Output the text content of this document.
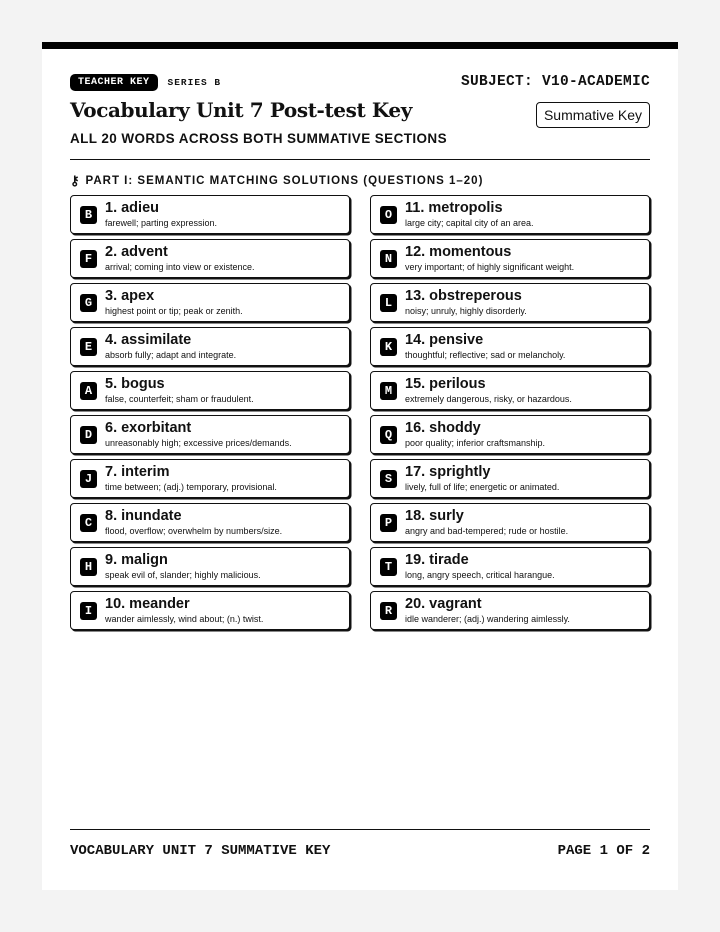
TEACHER KEY	SERIES B	SUBJECT: V10-ACADEMIC
Vocabulary Unit 7 Post-test Key	Summative Key
ALL 20 WORDS ACROSS BOTH SUMMATIVE SECTIONS
⚷ PART I: SEMANTIC MATCHING SOLUTIONS (QUESTIONS 1–20)
B 1. adieu
farewell; parting expression.
F 2. advent
arrival; coming into view or existence.
G 3. apex
highest point or tip; peak or zenith.
E 4. assimilate
absorb fully; adapt and integrate.
A 5. bogus
false, counterfeit; sham or fraudulent.
D 6. exorbitant
unreasonably high; excessive prices/demands.
J 7. interim
time between; (adj.) temporary, provisional.
C 8. inundate
flood, overflow; overwhelm by numbers/size.
H 9. malign
speak evil of, slander; highly malicious.
I 10. meander
wander aimlessly, wind about; (n.) twist.
O 11. metropolis
large city; capital city of an area.
N 12. momentous
very important; of highly significant weight.
L 13. obstreperous
noisy; unruly, highly disorderly.
K 14. pensive
thoughtful; reflective; sad or melancholy.
M 15. perilous
extremely dangerous, risky, or hazardous.
Q 16. shoddy
poor quality; inferior craftsmanship.
S 17. sprightly
lively, full of life; energetic or animated.
P 18. surly
angry and bad-tempered; rude or hostile.
T 19. tirade
long, angry speech, critical harangue.
R 20. vagrant
idle wanderer; (adj.) wandering aimlessly.
VOCABULARY UNIT 7 SUMMATIVE KEY	PAGE 1 OF 2
